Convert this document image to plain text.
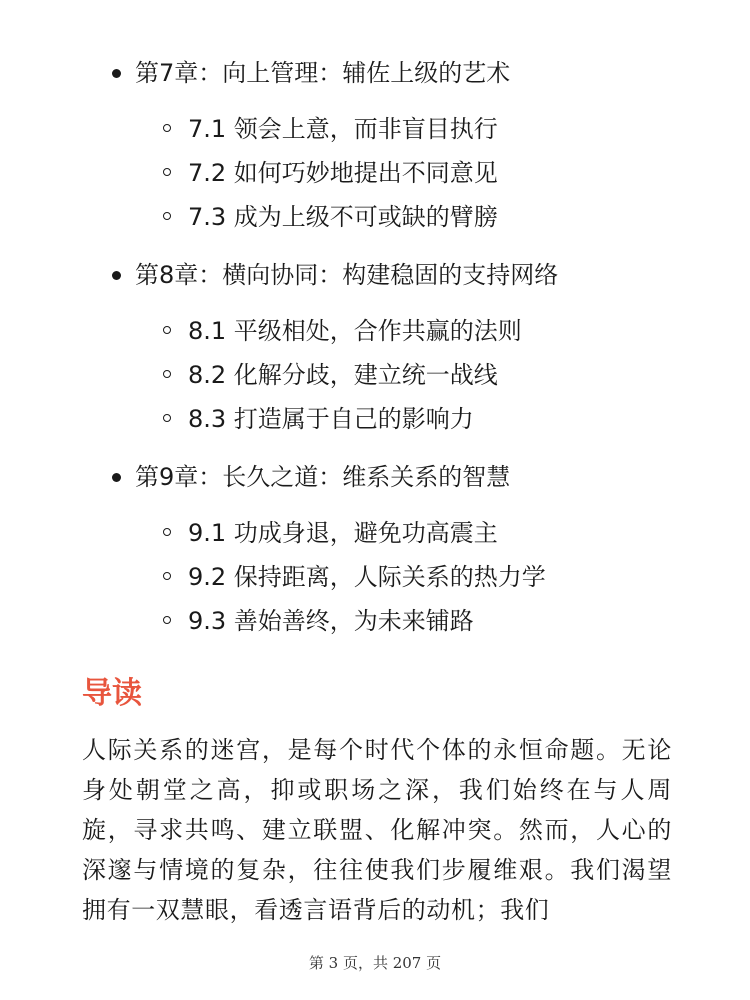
第7章：向上管理：辅佐上级的艺术
7.1 领会上意，而非盲目执行
7.2 如何巧妙地提出不同意见
7.3 成为上级不可或缺的臂膀
第8章：横向协同：构建稳固的支持网络
8.1 平级相处，合作共赢的法则
8.2 化解分歧，建立统一战线
8.3 打造属于自己的影响力
第9章：长久之道：维系关系的智慧
9.1 功成身退，避免功高震主
9.2 保持距离，人际关系的热力学
9.3 善始善终，为未来铺路
导读
人际关系的迷宫，是每个时代个体的永恒命题。无论身处朝堂之高，抑或职场之深，我们始终在与人周旋，寻求共鸣、建立联盟、化解冲突。然而，人心的深邃与情境的复杂，往往使我们步履维艰。我们渴望拥有一双慧眼，看透言语背后的动机；我们
第 3 页，共 207 页
